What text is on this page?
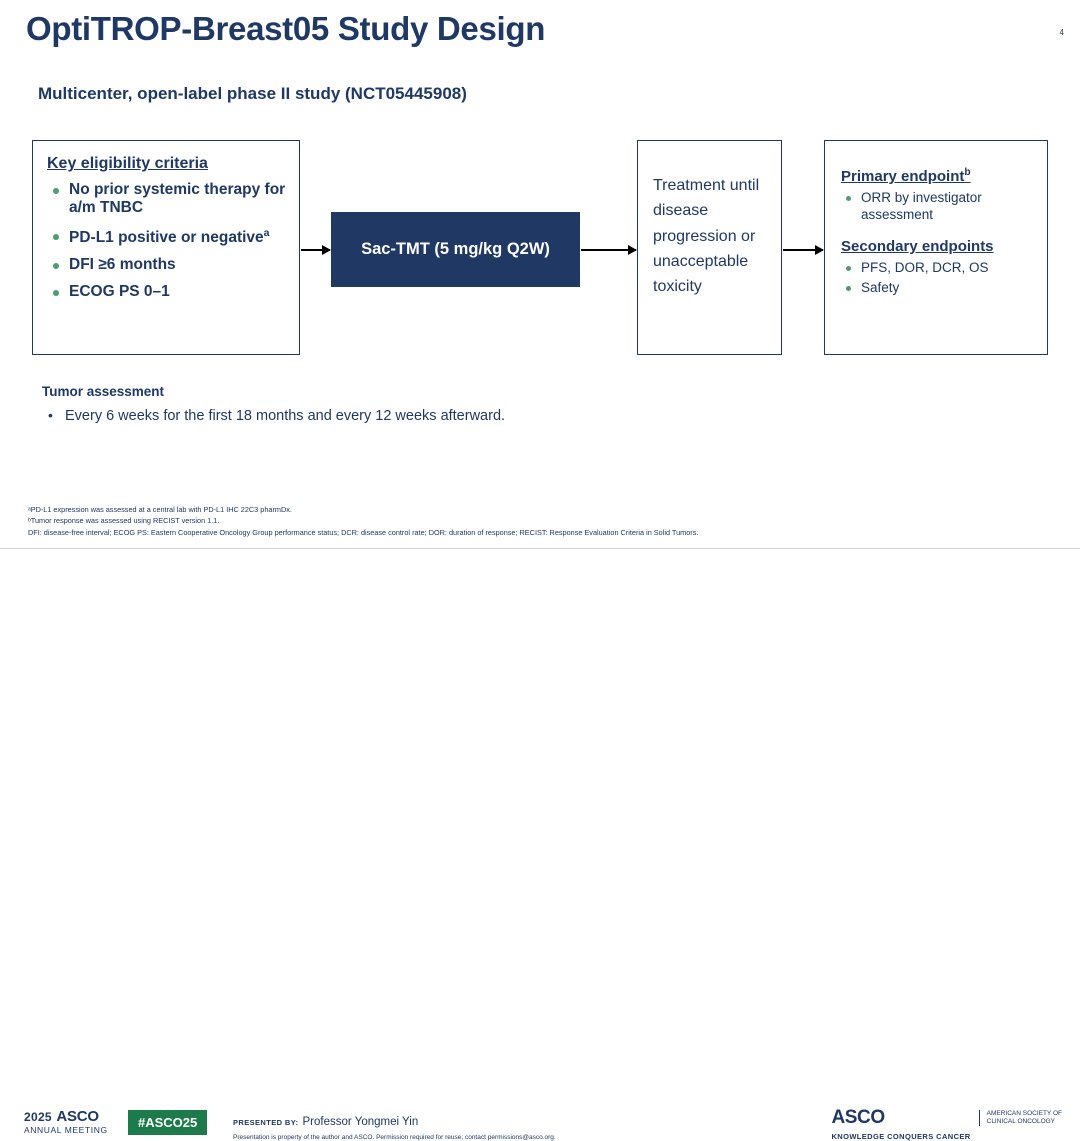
4
OptiTROP-Breast05 Study Design
Multicenter, open-label phase II study (NCT05445908)
Key eligibility criteria
No prior systemic therapy for a/m TNBC
PD-L1 positive or negative$^a$
DFI ≥6 months
ECOG PS 0–1
Sac-TMT (5 mg/kg Q2W)
Treatment until disease progression or unacceptable toxicity
Primary endpoint$^b$
ORR by investigator assessment
Secondary endpoints
PFS, DOR, DCR, OS
Safety
Tumor assessment
• Every 6 weeks for the first 18 months and every 12 weeks afterward.
ᵃPD-L1 expression was assessed at a central lab with PD-L1 IHC 22C3 pharmDx.
ᵇTumor response was assessed using RECIST version 1.1.
DFI: disease-free interval; ECOG PS: Eastern Cooperative Oncology Group performance status; DCR: disease control rate; DOR: duration of response; RECIST: Response Evaluation Criteria in Solid Tumors.
2025 ASCO
ANNUAL MEETING	#ASCO25	PRESENTED BY: Professor Yongmei Yin
Presentation is property of the author and ASCO. Permission required for reuse; contact permissions@asco.org.
ASCO
KNOWLEDGE CONQUERS CANCER
AMERICAN SOCIETY OF
CLINICAL ONCOLOGY
